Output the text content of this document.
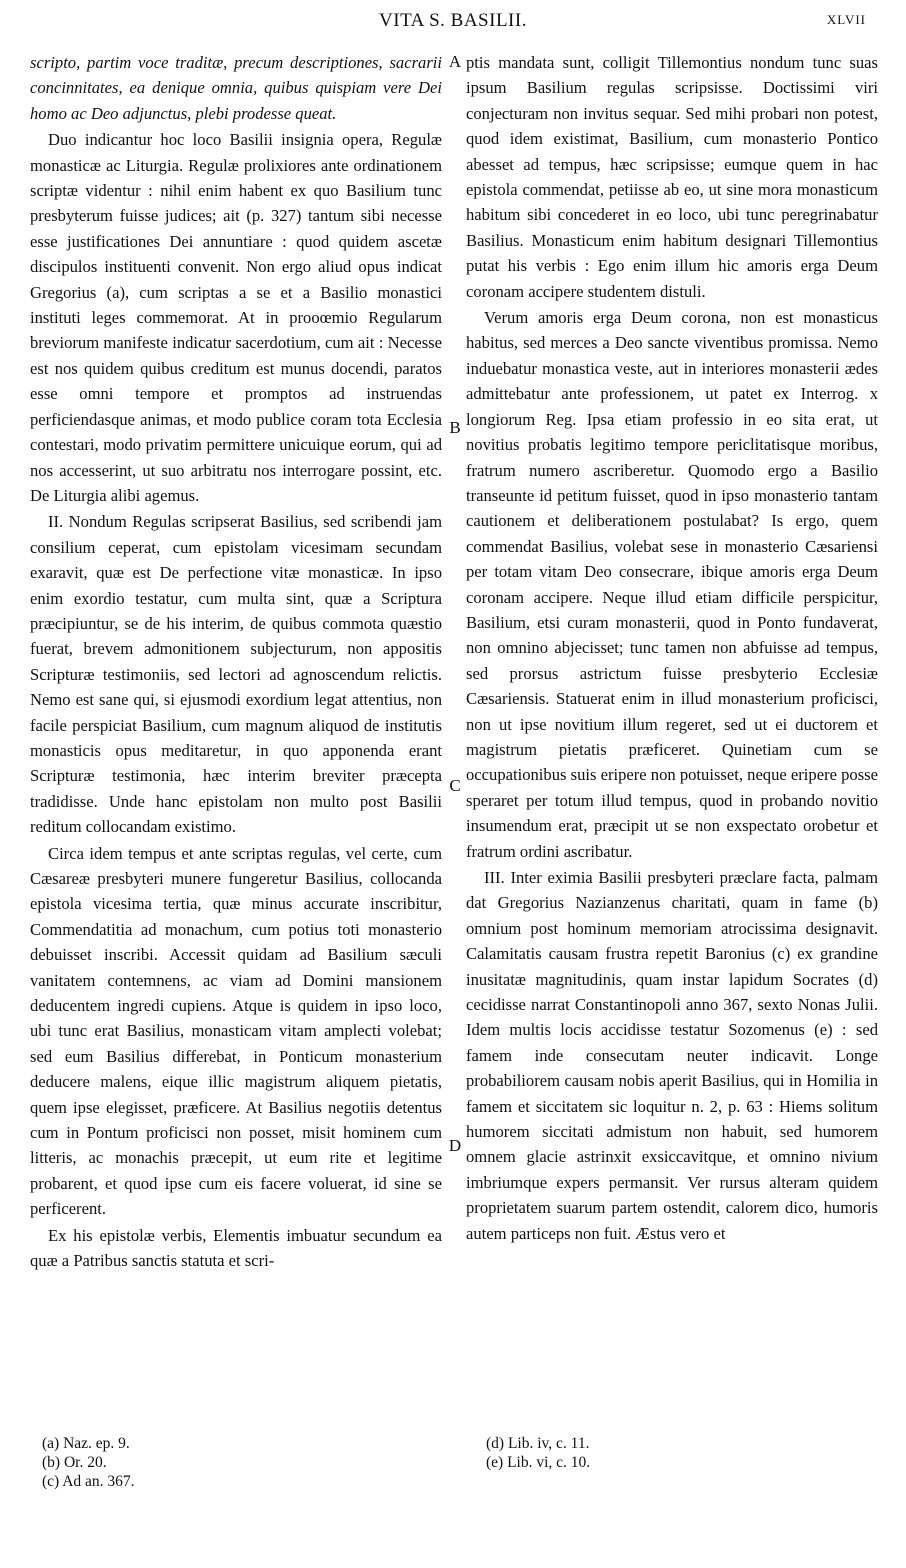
VITA S. BASILII.	XLVII

scripto, partim voce traditæ, precum descriptiones, sacrarii concinnitates, ea denique omnia, quibus quispiam vere Dei homo ac Deo adjunctus, plebi prodesse queat.

Duo indicantur hoc loco Basilii insignia opera, Regulæ monasticæ ac Liturgia. Regulæ prolixiores ante ordinationem scriptæ videntur : nihil enim habent ex quo Basilium tunc presbyterum fuisse judices; ait (p. 327) tantum sibi necesse esse justificationes Dei annuntiare : quod quidem ascetæ discipulos instituenti convenit. Non ergo aliud opus indicat Gregorius (a), cum scriptas a se et a Basilio monastici instituti leges commemorat. At in prooœmio Regularum breviorum manifeste indicatur sacerdotium, cum ait : Necesse est nos quidem quibus creditum est munus docendi, paratos esse omni tempore et promptos ad instruendas perficiendasque animas, et modo publice coram tota Ecclesia contestari, modo privatim permittere unicuique eorum, qui ad nos accesserint, ut suo arbitratu nos interrogare possint, etc. De Liturgia alibi agemus.

II. Nondum Regulas scripserat Basilius, sed scribendi jam consilium ceperat, cum epistolam vicesimam secundam exaravit, quæ est De perfectione vitæ monasticæ. In ipso enim exordio testatur, cum multa sint, quæ a Scriptura præcipiuntur, se de his interim, de quibus commota quæstio fuerat, brevem admonitionem subjecturum, non appositis Scripturæ testimoniis, sed lectori ad agnoscendum relictis. Nemo est sane qui, si ejusmodi exordium legat attentius, non facile perspiciat Basilium, cum magnum aliquod de institutis monasticis opus meditaretur, in quo apponenda erant Scripturæ testimonia, hæc interim breviter præcepta tradidisse. Unde hanc epistolam non multo post Basilii reditum collocandam existimo.

Circa idem tempus et ante scriptas regulas, vel certe, cum Cæsareæ presbyteri munere fungeretur Basilius, collocanda epistola vicesima tertia, quæ minus accurate inscribitur, Commendatitia ad monachum, cum potius toti monasterio debuisset inscribi. Accessit quidam ad Basilium sæculi vanitatem contemnens, ac viam ad Domini mansionem deducentem ingredi cupiens. Atque is quidem in ipso loco, ubi tunc erat Basilius, monasticam vitam amplecti volebat; sed eum Basilius differebat, in Ponticum monasterium deducere malens, eique illic magistrum aliquem pietatis, quem ipse elegisset, præficere. At Basilius negotiis detentus cum in Pontum proficisci non posset, misit hominem cum litteris, ac monachis præcepit, ut eum rite et legitime probarent, et quod ipse cum eis facere voluerat, id sine se perficerent.

Ex his epistolæ verbis, Elementis imbuatur secundum ea quæ a Patribus sanctis statuta et scri-

A
B
C
D

ptis mandata sunt, colligit Tillemontius nondum tunc suas ipsum Basilium regulas scripsisse. Doctissimi viri conjecturam non invitus sequar. Sed mihi probari non potest, quod idem existimat, Basilium, cum monasterio Pontico abesset ad tempus, hæc scripsisse; eumque quem in hac epistola commendat, petiisse ab eo, ut sine mora monasticum habitum sibi concederet in eo loco, ubi tunc peregrinabatur Basilius. Monasticum enim habitum designari Tillemontius putat his verbis : Ego enim illum hic amoris erga Deum coronam accipere studentem distuli.

Verum amoris erga Deum corona, non est monasticus habitus, sed merces a Deo sancte viventibus promissa. Nemo induebatur monastica veste, aut in interiores monasterii ædes admittebatur ante professionem, ut patet ex Interrog. x longiorum Reg. Ipsa etiam professio in eo sita erat, ut novitius probatis legitimo tempore periclitatisque moribus, fratrum numero ascriberetur. Quomodo ergo a Basilio transeunte id petitum fuisset, quod in ipso monasterio tantam cautionem et deliberationem postulabat? Is ergo, quem commendat Basilius, volebat sese in monasterio Cæsariensi per totam vitam Deo consecrare, ibique amoris erga Deum coronam accipere. Neque illud etiam difficile perspicitur, Basilium, etsi curam monasterii, quod in Ponto fundaverat, non omnino abjecisset; tunc tamen non abfuisse ad tempus, sed prorsus astrictum fuisse presbyterio Ecclesiæ Cæsariensis. Statuerat enim in illud monasterium proficisci, non ut ipse novitium illum regeret, sed ut ei ductorem et magistrum pietatis præficeret. Quinetiam cum se occupationibus suis eripere non potuisset, neque eripere posse speraret per totum illud tempus, quod in probando novitio insumendum erat, præcipit ut se non exspectato orobetur et fratrum ordini ascribatur.

III. Inter eximia Basilii presbyteri præclare facta, palmam dat Gregorius Nazianzenus charitati, quam in fame (b) omnium post hominum memoriam atrocissima designavit. Calamitatis causam frustra repetit Baronius (c) ex grandine inusitatæ magnitudinis, quam instar lapidum Socrates (d) cecidisse narrat Constantinopoli anno 367, sexto Nonas Julii. Idem multis locis accidisse testatur Sozomenus (e) : sed famem inde consecutam neuter indicavit. Longe probabiliorem causam nobis aperit Basilius, qui in Homilia in famem et siccitatem sic loquitur n. 2, p. 63 : Hiems solitum humorem siccitati admistum non habuit, sed humorem omnem glacie astrinxit exsiccavitque, et omnino nivium imbriumque expers permansit. Ver rursus alteram quidem proprietatem suarum partem ostendit, calorem dico, humoris autem particeps non fuit. Æstus vero et

(a) Naz. ep. 9.
(b) Or. 20.
(c) Ad an. 367.
(d) Lib. iv, c. 11.
(e) Lib. vi, c. 10.
